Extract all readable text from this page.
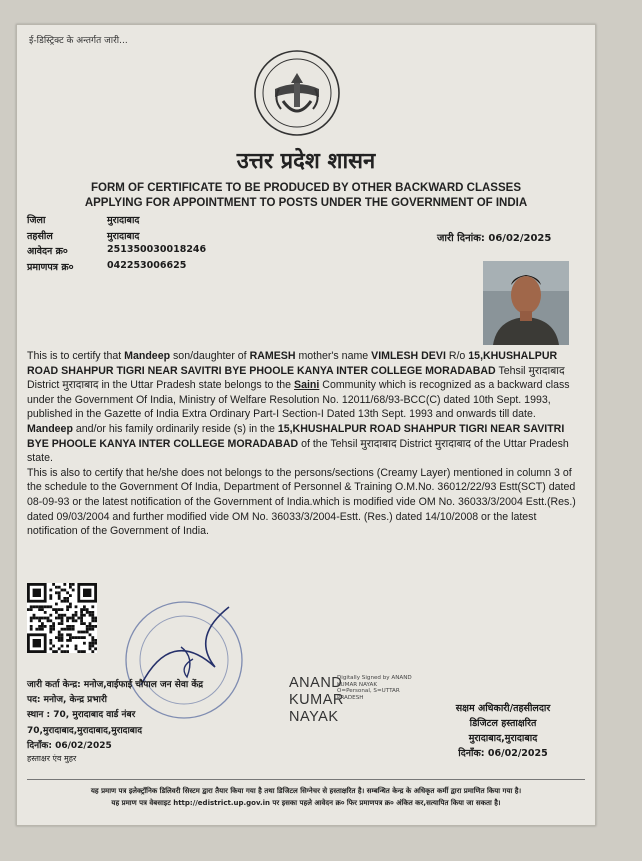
ई-डिस्ट्रिक्ट के अन्तर्गत जारी...
उत्तर प्रदेश शासन
FORM OF CERTIFICATE TO BE PRODUCED BY OTHER BACKWARD CLASSES
APPLYING FOR APPOINTMENT TO POSTS UNDER THE GOVERNMENT OF INDIA
जिला	मुरादाबाद
तहसील	मुरादाबाद
आवेदन क्र०	251350030018246
प्रमाणपत्र क्र०	042253006625
जारी दिनांक: 06/02/2025

This is to certify that Mandeep son/daughter of RAMESH mother's name VIMLESH DEVI R/o 15,KHUSHALPUR ROAD SHAHPUR TIGRI NEAR SAVITRI BYE PHOOLE KANYA INTER COLLEGE MORADABAD Tehsil मुरादाबाद District मुरादाबाद in the Uttar Pradesh state belongs to the Saini Community which is recognized as a backward class under the Government Of India, Ministry of Welfare Resolution No. 12011/68/93-BCC(C) dated 10th Sept. 1993, published in the Gazette of India Extra Ordinary Part-I Section-I Dated 13th Sept. 1993 and onwards till date.

Mandeep and/or his family ordinarily reside (s) in the 15,KHUSHALPUR ROAD SHAHPUR TIGRI NEAR SAVITRI BYE PHOOLE KANYA INTER COLLEGE MORADABAD of the Tehsil मुरादाबाद District मुरादाबाद of the Uttar Pradesh state.

This is also to certify that he/she does not belongs to the persons/sections (Creamy Layer) mentioned in column 3 of the schedule to the Government Of India, Department of Personnel & Training O.M.No. 36012/22/93 Estt(SCT) dated 08-09-93 or the latest notification of the Government of India.which is modified vide OM No. 36033/3/2004 Estt.(Res.) dated 09/03/2004 and further modified vide OM No. 36033/3/2004-Estt. (Res.) dated 14/10/2008 or the latest notification of the Government of India.

जारी कर्ता केन्द्र: मनोज,वाईफाई चौपाल जन सेवा केंद्र
पद: मनोज, केन्द्र प्रभारी
स्थान : 70, मुरादाबाद वार्ड नंबर
70,मुरादाबाद,मुरादाबाद,मुरादाबाद
दिनाँक: 06/02/2025
हस्ताक्षर एंव मुहर
ANAND
KUMAR
NAYAK
Digitally Signed by ANAND
KUMAR NAYAK
O=Personal, S=UTTAR
PRADESH
सक्षम अधिकारी/तहसीलदार
डिजिटल हस्ताक्षरित
मुरादाबाद,मुरादाबाद
दिनाँक: 06/02/2025
यह प्रमाण पत्र इलेक्ट्रॉनिक डिलिवरी सिस्टम द्वारा तैयार किया गया है तथा डिजिटल सिग्नेचर से हस्ताक्षरित है। सम्बन्धित केन्द्र के अधिकृत कर्मी द्वारा प्रमाणित किया गया है।
यह प्रमाण पत्र वेबसाइट http://edistrict.up.gov.in पर इसका पहले आवेदन क्र० फिर प्रमाणपत्र क्र० अंकित कर,सत्यापित किया जा सकता है।
